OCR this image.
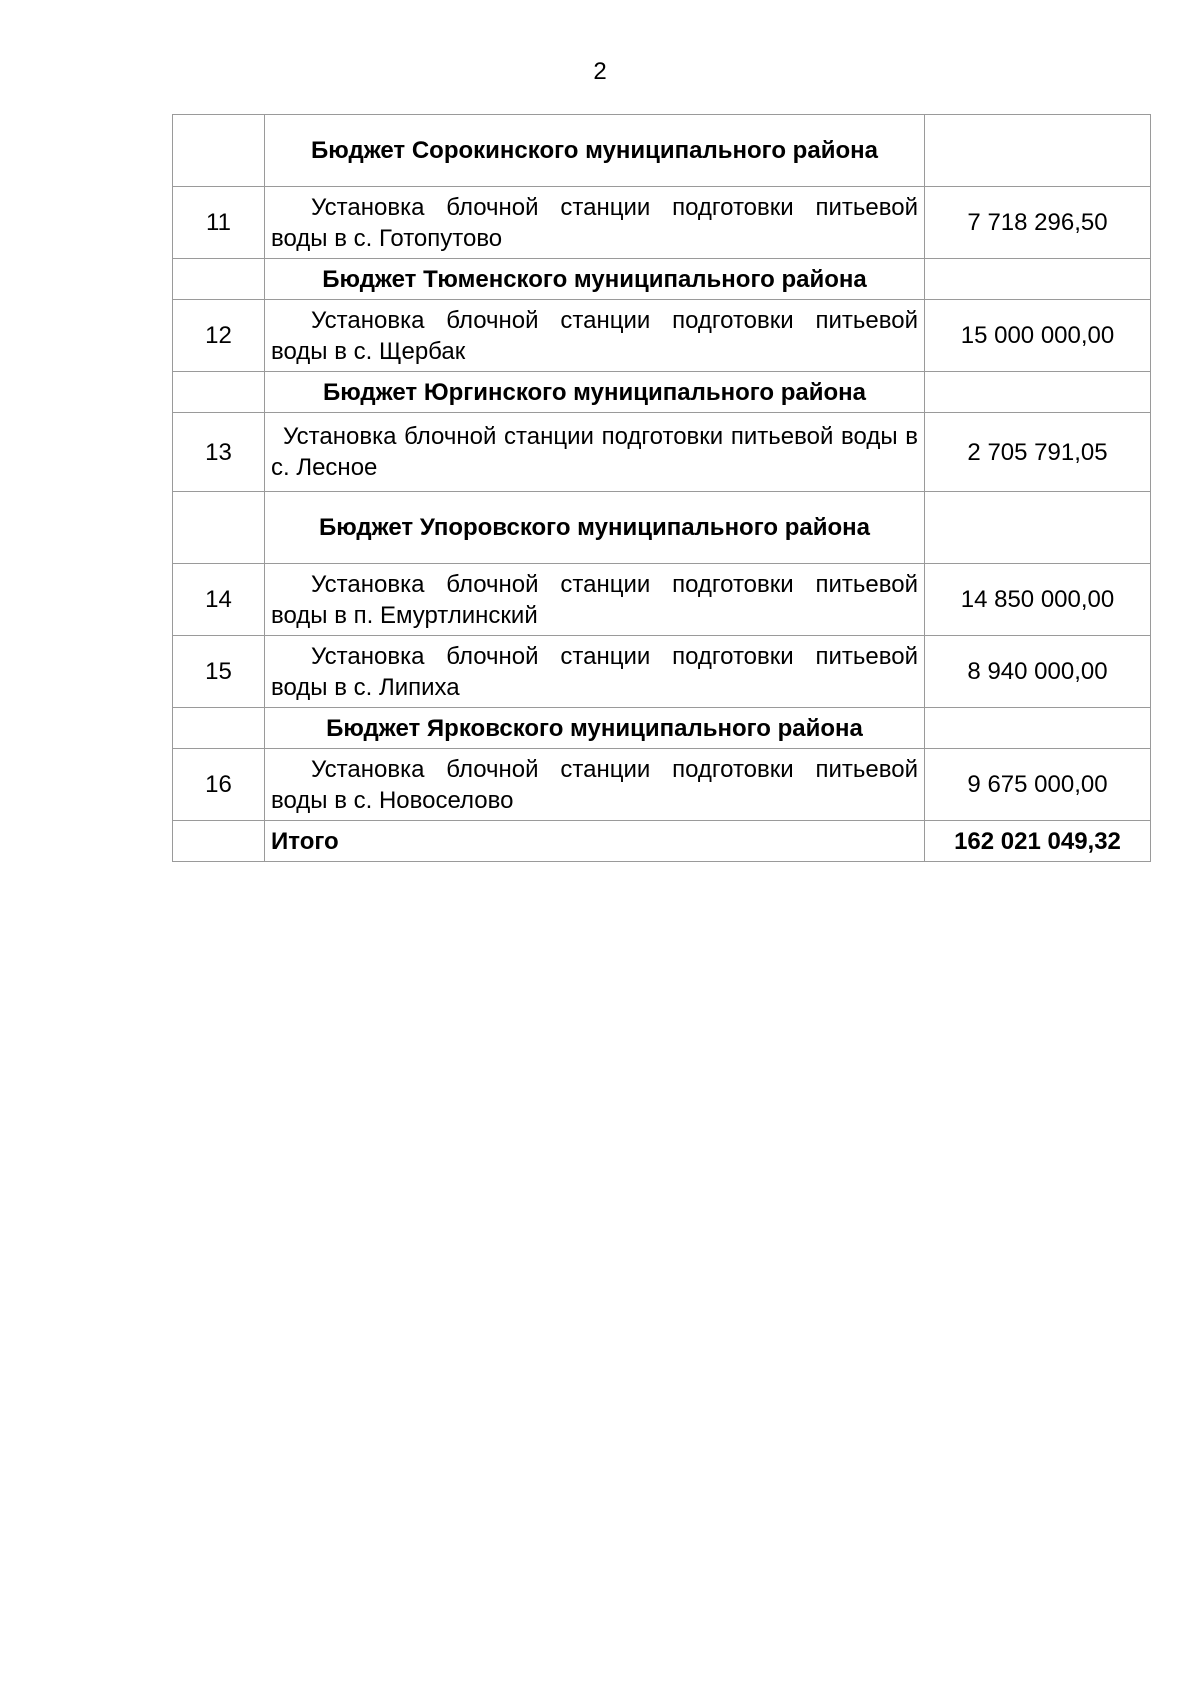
2
	Бюджет Сорокинского муниципального района	
11	Установка блочной станции подготовки питьевой воды в с. Готопутово	7 718 296,50
	Бюджет Тюменского муниципального района	
12	Установка блочной станции подготовки питьевой воды в с. Щербак	15 000 000,00
	Бюджет Юргинского муниципального района	
13	Установка блочной станции подготовки питьевой воды в с. Лесное	2 705 791,05
	Бюджет Упоровского муниципального района	
14	Установка блочной станции подготовки питьевой воды в п. Емуртлинский	14 850 000,00
15	Установка блочной станции подготовки питьевой воды в с. Липиха	8 940 000,00
	Бюджет Ярковского муниципального района	
16	Установка блочной станции подготовки питьевой воды в с. Новоселово	9 675 000,00
	Итого	162 021 049,32
